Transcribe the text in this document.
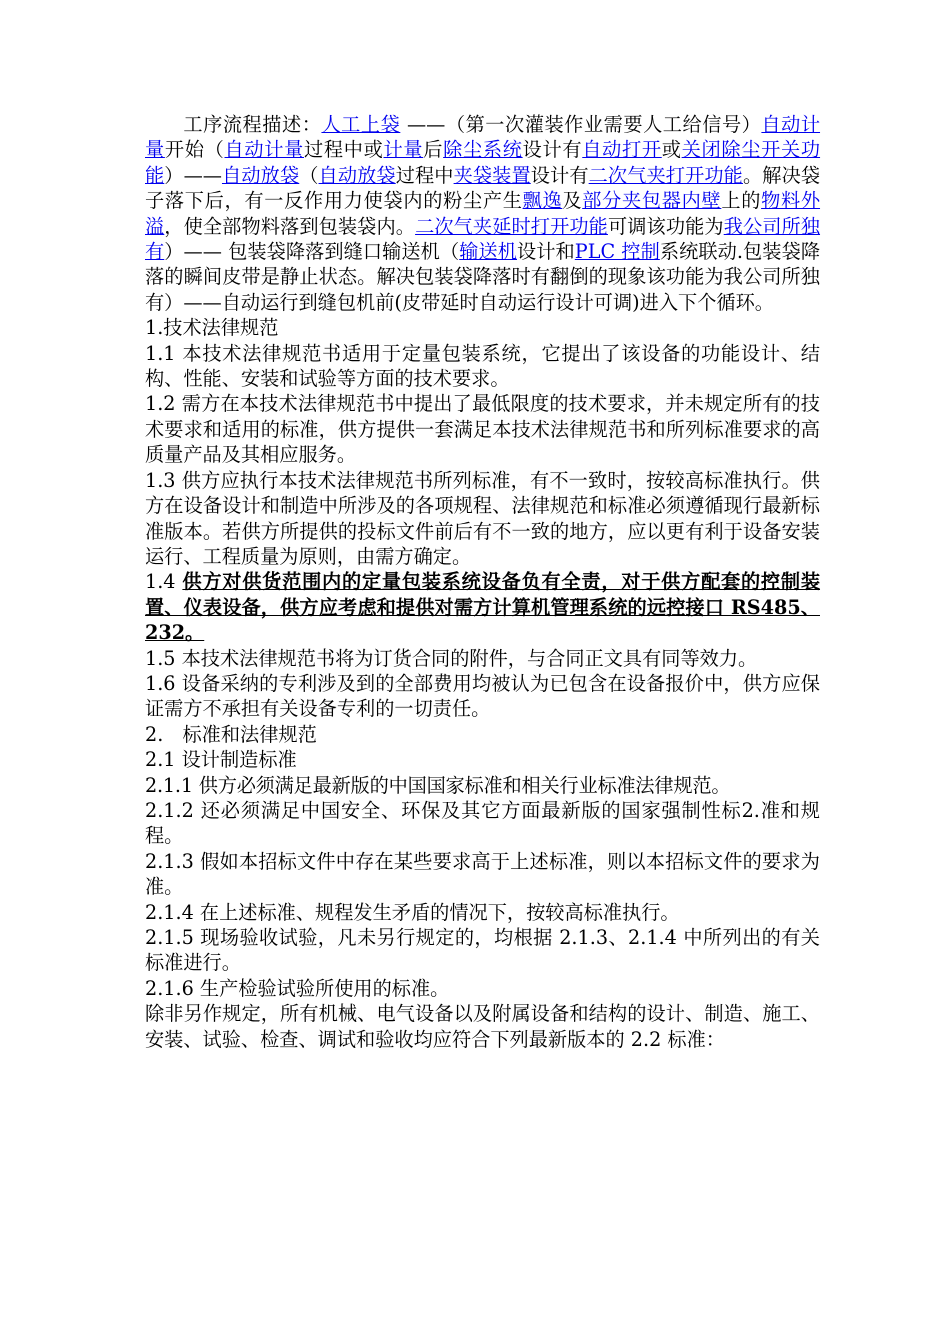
工序流程描述：人工上袋 ——（第一次灌装作业需要人工给信号）自动计量开始（自动计量过程中或计量后除尘系统设计有自动打开或关闭除尘开关功能）——自动放袋（自动放袋过程中夹袋装置设计有二次气夹打开功能。解决袋子落下后，有一反作用力使袋内的粉尘产生飘逸及部分夹包器内壁上的物料外溢，使全部物料落到包装袋内。二次气夹延时打开功能可调该功能为我公司所独有）—— 包装袋降落到缝口输送机（输送机设计和PLC 控制系统联动.包装袋降落的瞬间皮带是静止状态。解决包装袋降落时有翻倒的现象该功能为我公司所独有）——自动运行到缝包机前(皮带延时自动运行设计可调)进入下个循环。

1.技术法律规范

1.1 本技术法律规范书适用于定量包装系统，它提出了该设备的功能设计、结构、性能、安装和试验等方面的技术要求。

1.2 需方在本技术法律规范书中提出了最低限度的技术要求，并未规定所有的技术要求和适用的标准，供方提供一套满足本技术法律规范书和所列标准要求的高质量产品及其相应服务。

1.3 供方应执行本技术法律规范书所列标准，有不一致时，按较高标准执行。供方在设备设计和制造中所涉及的各项规程、法律规范和标准必须遵循现行最新标准版本。若供方所提供的投标文件前后有不一致的地方，应以更有利于设备安装运行、工程质量为原则，由需方确定。

1.4 供方对供货范围内的定量包装系统设备负有全责，对于供方配套的控制装置、仪表设备，供方应考虑和提供对需方计算机管理系统的远控接口 RS485、232。

1.5 本技术法律规范书将为订货合同的附件，与合同正文具有同等效力。

1.6 设备采纳的专利涉及到的全部费用均被认为已包含在设备报价中，供方应保证需方不承担有关设备专利的一切责任。

2.　标准和法律规范

2.1 设计制造标准

2.1.1 供方必须满足最新版的中国国家标准和相关行业标准法律规范。

2.1.2 还必须满足中国安全、环保及其它方面最新版的国家强制性标2.准和规程。

2.1.3 假如本招标文件中存在某些要求高于上述标准，则以本招标文件的要求为准。

2.1.4 在上述标准、规程发生矛盾的情况下，按较高标准执行。

2.1.5 现场验收试验，凡未另行规定的，均根据 2.1.3、2.1.4 中所列出的有关标准进行。

2.1.6 生产检验试验所使用的标准。

除非另作规定，所有机械、电气设备以及附属设备和结构的设计、制造、施工、安装、试验、检查、调试和验收均应符合下列最新版本的 2.2 标准：
